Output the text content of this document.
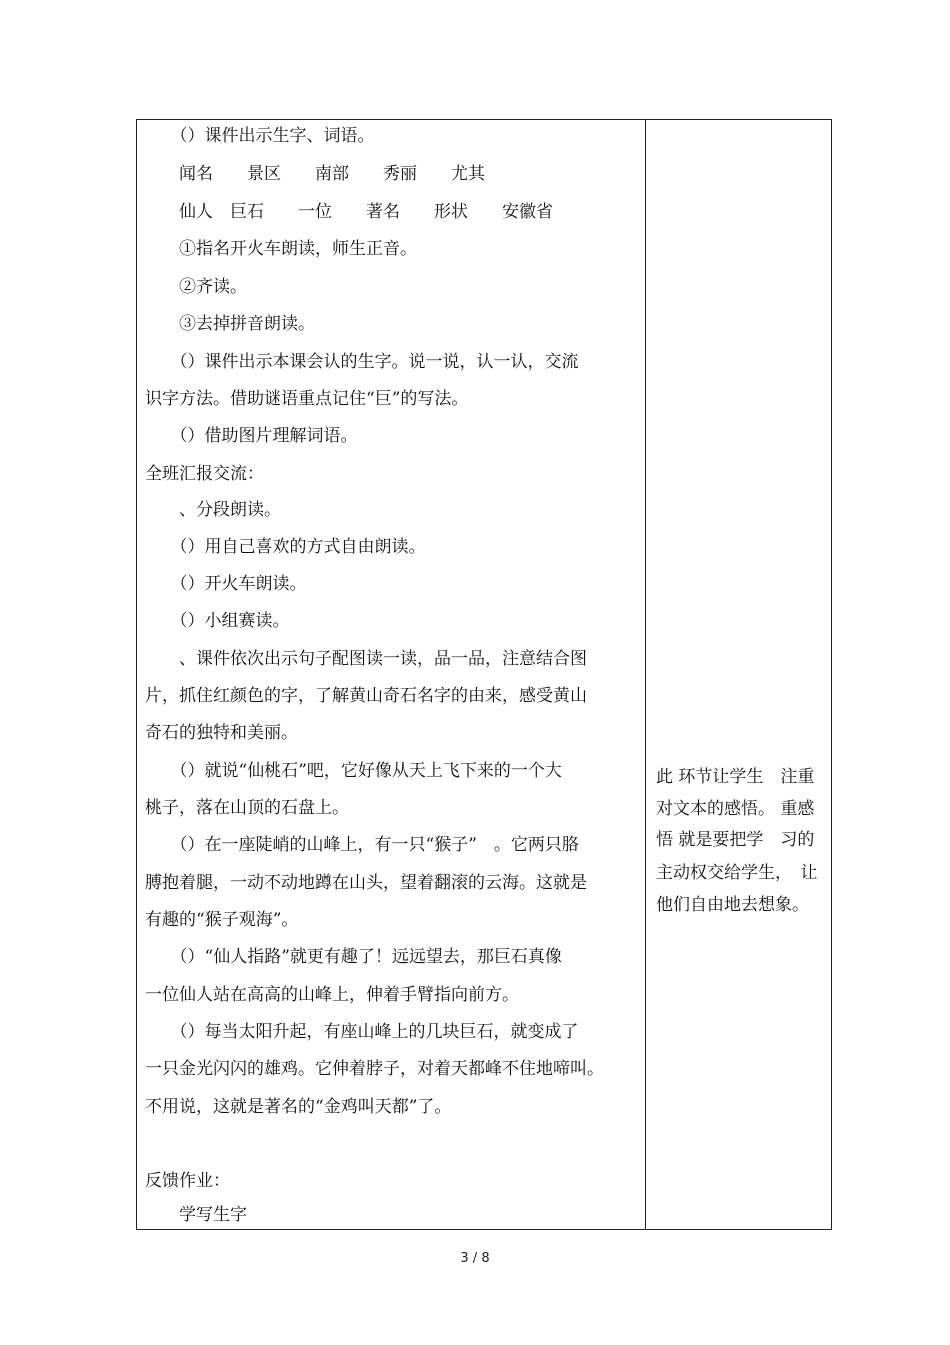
　　（）课件出示生字、词语。
　　闻名　　景区　　南部　　秀丽　　尤其
　　仙人　巨石　　一位　　著名　　形状　　安徽省
　　①指名开火车朗读，师生正音。
　　②齐读。
　　③去掉拼音朗读。
　　（）课件出示本课会认的生字。说一说，认一认，交流
识字方法。借助谜语重点记住“巨”的写法。
　　（）借助图片理解词语。
全班汇报交流：
　　、分段朗读。
　　（）用自己喜欢的方式自由朗读。
　　（）开火车朗读。
　　（）小组赛读。
　　、课件依次出示句子配图读一读，品一品，注意结合图
片，抓住红颜色的字，了解黄山奇石名字的由来，感受黄山
奇石的独特和美丽。
　　（）就说“仙桃石”吧，它好像从天上飞下来的一个大
桃子，落在山顶的石盘上。
　　（）在一座陡峭的山峰上，有一只“猴子”　。它两只胳
膊抱着腿，一动不动地蹲在山头，望着翻滚的云海。这就是
有趣的“猴子观海”。
　　（）“仙人指路”就更有趣了！远远望去，那巨石真像
一位仙人站在高高的山峰上，伸着手臂指向前方。
　　（）每当太阳升起，有座山峰上的几块巨石，就变成了
一只金光闪闪的雄鸡。它伸着脖子，对着天都峰不住地啼叫。
不用说，这就是著名的“金鸡叫天都”了。
反馈作业：
　　学写生字
此 环节让学生　注重
对文本的感悟。 重感
悟 就是要把学　习的
主动权交给学生，　让
他们自由地去想象。
3 / 8
